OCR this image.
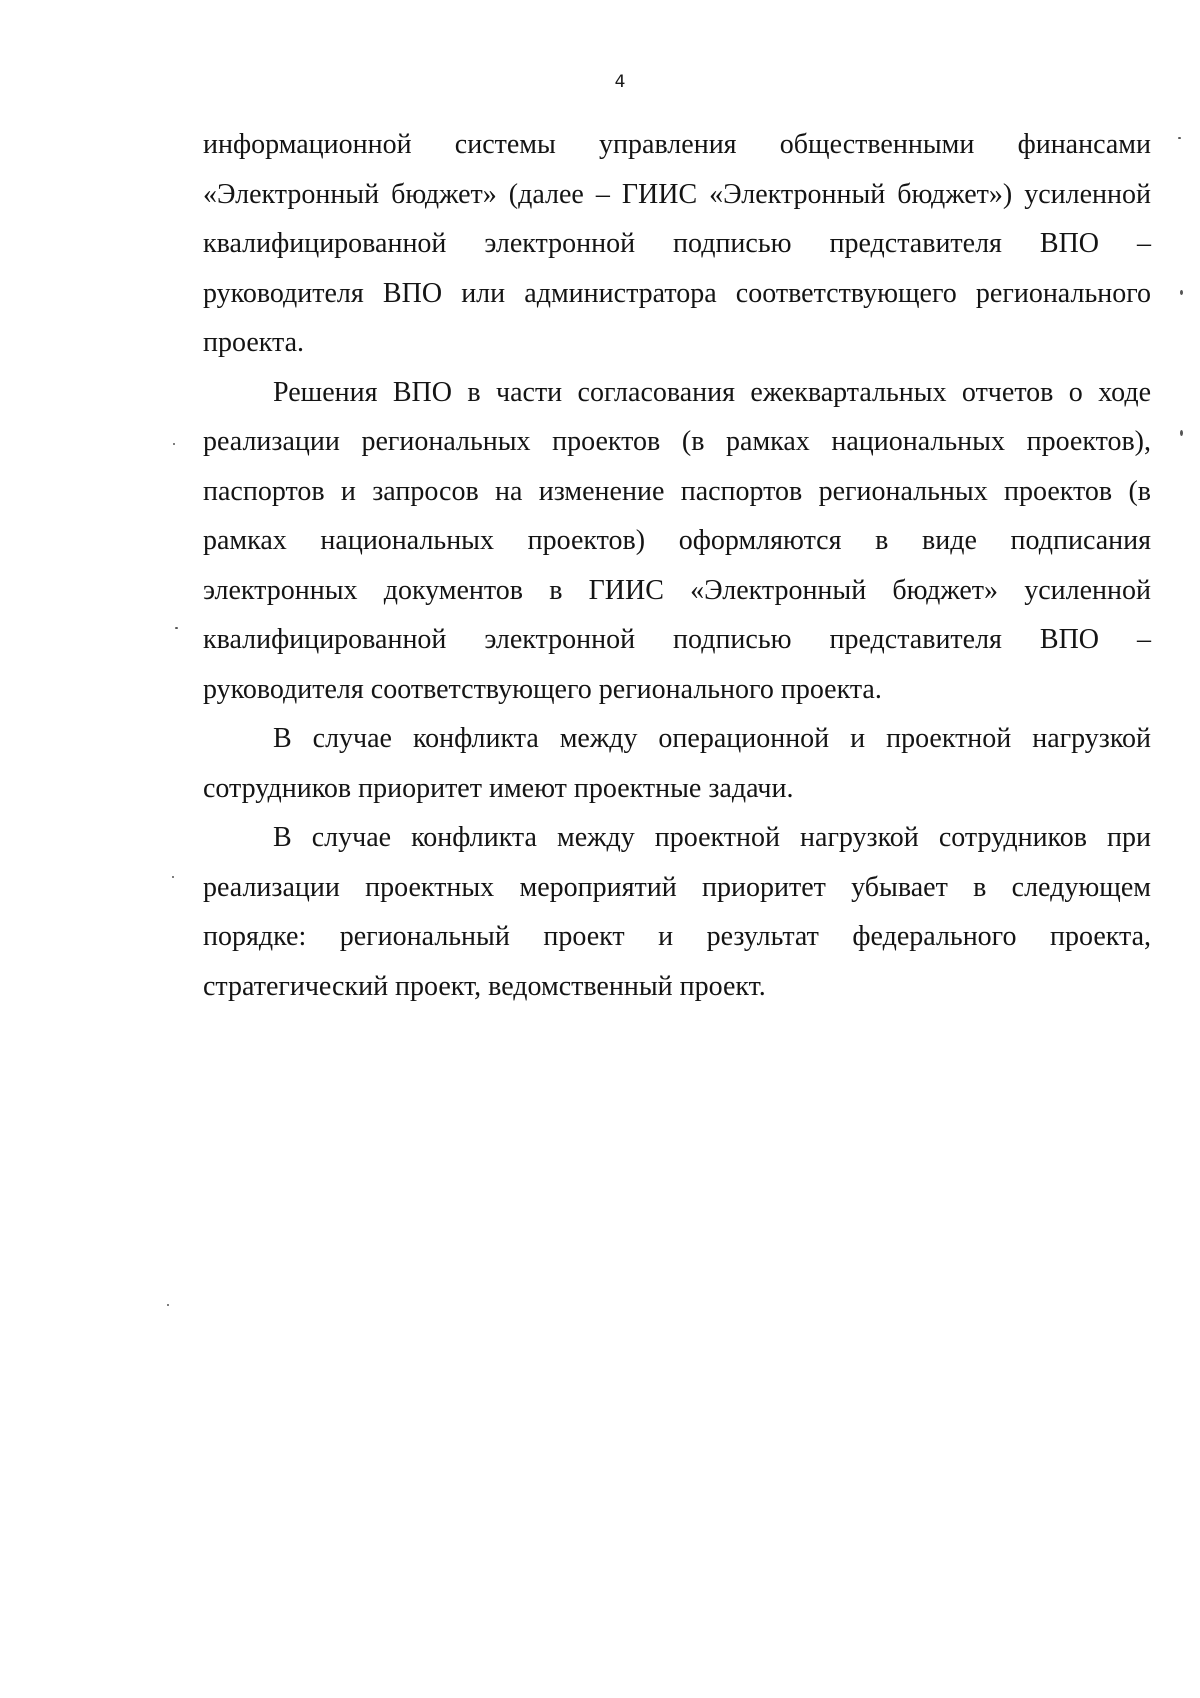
4

информационной системы управления общественными финансами «Электронный бюджет» (далее – ГИИС «Электронный бюджет») усиленной квалифицированной электронной подписью представителя ВПО – руководителя ВПО или администратора соответствующего регионального проекта.

Решения ВПО в части согласования ежеквартальных отчетов о ходе реализации региональных проектов (в рамках национальных проектов), паспортов и запросов на изменение паспортов региональных проектов (в рамках национальных проектов) оформляются в виде подписания электронных документов в ГИИС «Электронный бюджет» усиленной квалифицированной электронной подписью представителя ВПО – руководителя соответствующего регионального проекта.

В случае конфликта между операционной и проектной нагрузкой сотрудников приоритет имеют проектные задачи.

В случае конфликта между проектной нагрузкой сотрудников при реализации проектных мероприятий приоритет убывает в следующем порядке: региональный проект и результат федерального проекта, стратегический проект, ведомственный проект.
